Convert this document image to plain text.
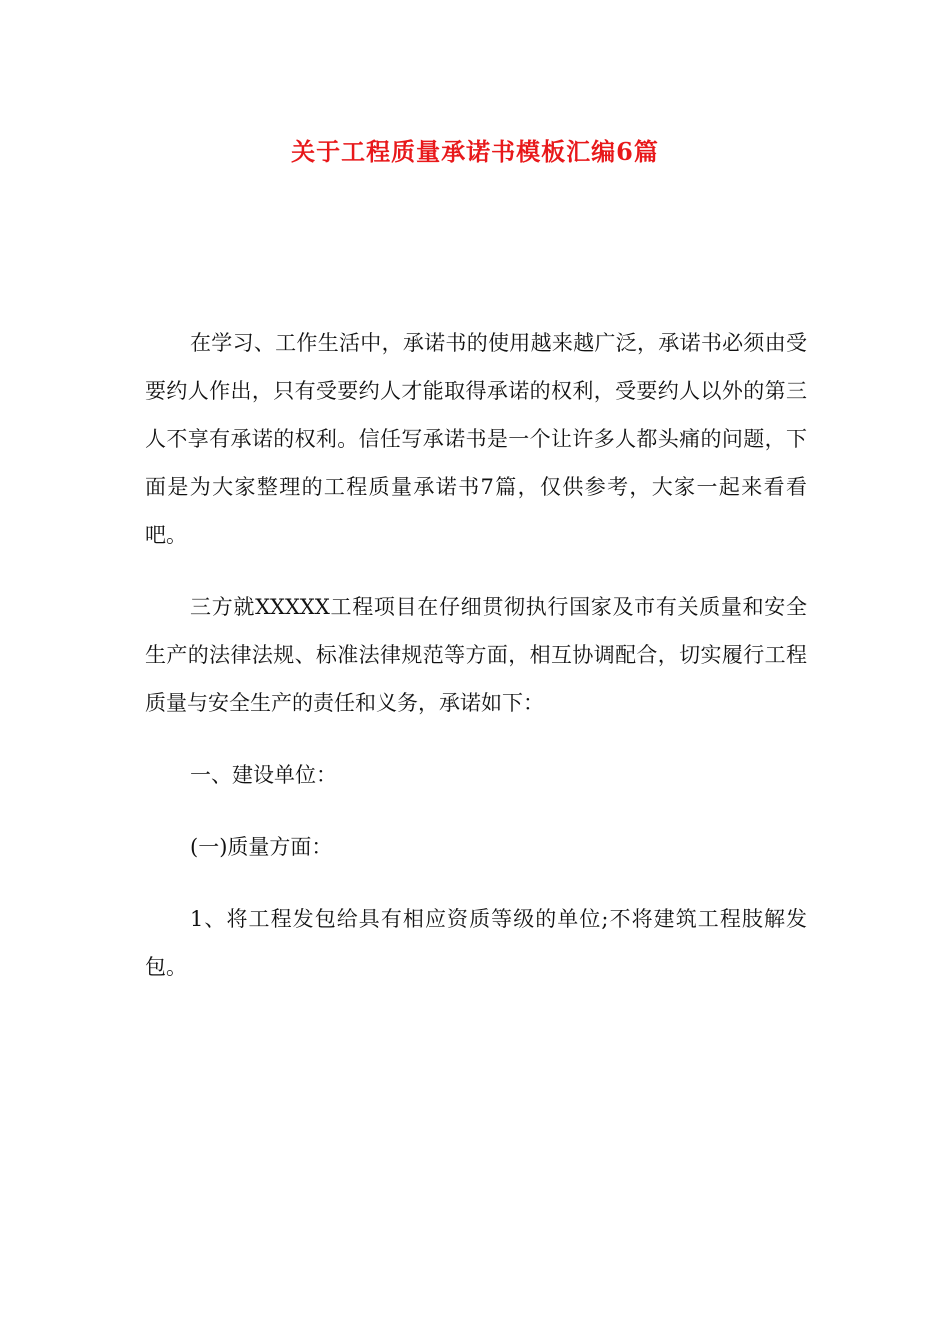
关于工程质量承诺书模板汇编6篇

在学习、工作生活中，承诺书的使用越来越广泛，承诺书必须由受要约人作出，只有受要约人才能取得承诺的权利，受要约人以外的第三人不享有承诺的权利。信任写承诺书是一个让许多人都头痛的问题，下面是为大家整理的工程质量承诺书7篇，仅供参考，大家一起来看看吧。

三方就XXXXX工程项目在仔细贯彻执行国家及市有关质量和安全生产的法律法规、标准法律规范等方面，相互协调配合，切实履行工程质量与安全生产的责任和义务，承诺如下：

一、建设单位：

(一)质量方面：

1、将工程发包给具有相应资质等级的单位;不将建筑工程肢解发包。
